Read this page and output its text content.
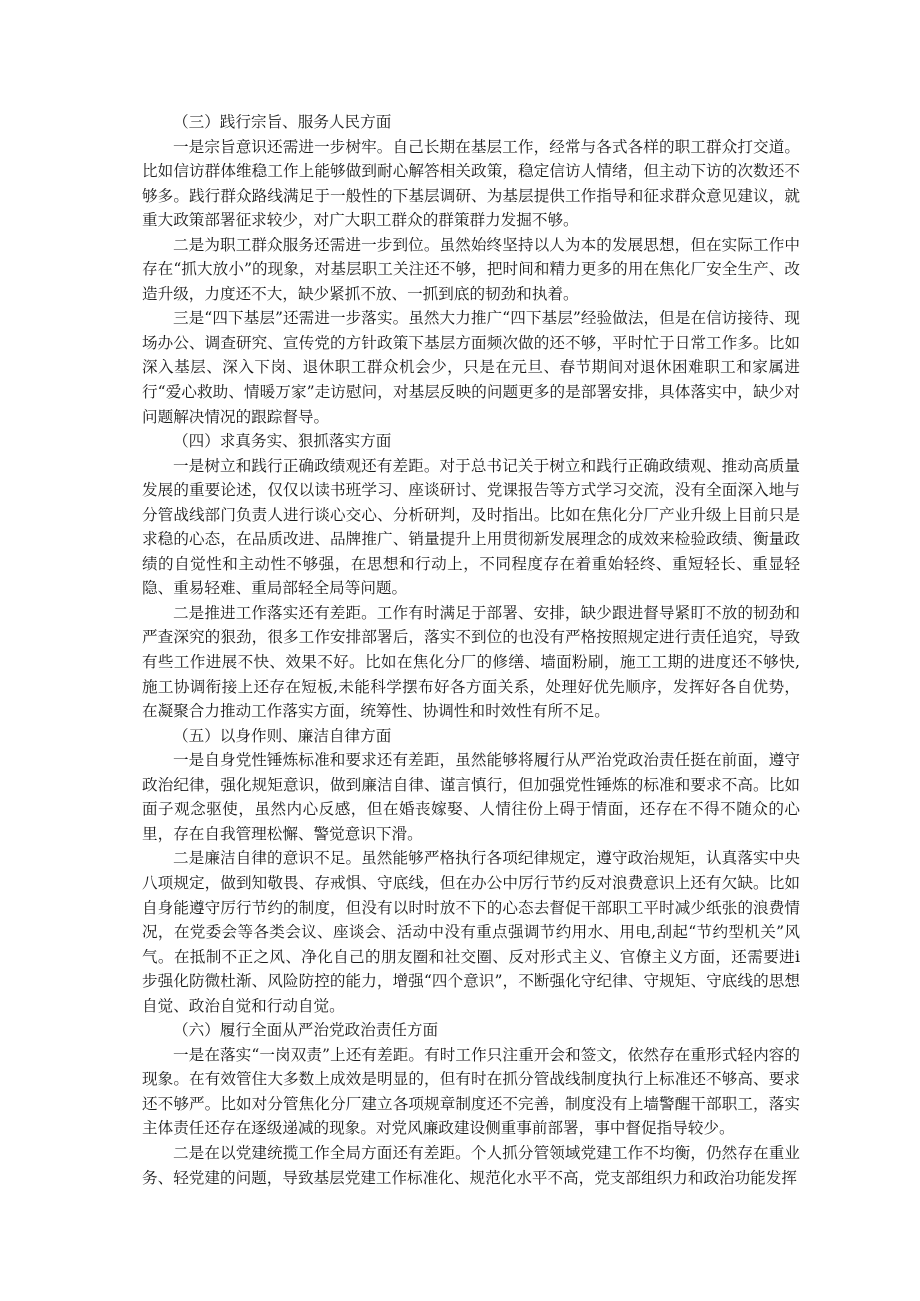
（三）践行宗旨、服务人民方面

一是宗旨意识还需进一步树牢。自己长期在基层工作，经常与各式各样的职工群众打交道。比如信访群体维稳工作上能够做到耐心解答相关政策，稳定信访人情绪，但主动下访的次数还不够多。践行群众路线满足于一般性的下基层调研、为基层提供工作指导和征求群众意见建议，就重大政策部署征求较少，对广大职工群众的群策群力发掘不够。

二是为职工群众服务还需进一步到位。虽然始终坚持以人为本的发展思想，但在实际工作中存在“抓大放小”的现象，对基层职工关注还不够，把时间和精力更多的用在焦化厂安全生产、改造升级，力度还不大，缺少紧抓不放、一抓到底的韧劲和执着。

三是“四下基层”还需进一步落实。虽然大力推广“四下基层”经验做法，但是在信访接待、现场办公、调查研究、宣传党的方针政策下基层方面频次做的还不够，平时忙于日常工作多。比如深入基层、深入下岗、退休职工群众机会少，只是在元旦、春节期间对退休困难职工和家属进行“爱心救助、情暖万家”走访慰问，对基层反映的问题更多的是部署安排，具体落实中，缺少对问题解决情况的跟踪督导。

（四）求真务实、狠抓落实方面

一是树立和践行正确政绩观还有差距。对于总书记关于树立和践行正确政绩观、推动高质量发展的重要论述，仅仅以读书班学习、座谈研讨、党课报告等方式学习交流，没有全面深入地与分管战线部门负责人进行谈心交心、分析研判，及时指出。比如在焦化分厂产业升级上目前只是求稳的心态，在品质改进、品牌推广、销量提升上用贯彻新发展理念的成效来检验政绩、衡量政绩的自觉性和主动性不够强，在思想和行动上，不同程度存在着重始轻终、重短轻长、重显轻隐、重易轻难、重局部轻全局等问题。

二是推进工作落实还有差距。工作有时满足于部署、安排，缺少跟进督导紧盯不放的韧劲和严查深究的狠劲，很多工作安排部署后，落实不到位的也没有严格按照规定进行责任追究，导致有些工作进展不快、效果不好。比如在焦化分厂的修缮、墙面粉刷，施工工期的进度还不够快,施工协调衔接上还存在短板,未能科学摆布好各方面关系，处理好优先顺序，发挥好各自优势，在凝聚合力推动工作落实方面，统筹性、协调性和时效性有所不足。

（五）以身作则、廉洁自律方面

一是自身党性锤炼标准和要求还有差距，虽然能够将履行从严治党政治责任挺在前面，遵守政治纪律，强化规矩意识，做到廉洁自律、谨言慎行，但加强党性锤炼的标准和要求不高。比如面子观念驱使，虽然内心反感，但在婚丧嫁娶、人情往份上碍于情面，还存在不得不随众的心里，存在自我管理松懈、警觉意识下滑。

二是廉洁自律的意识不足。虽然能够严格执行各项纪律规定，遵守政治规矩，认真落实中央八项规定，做到知敬畏、存戒惧、守底线，但在办公中厉行节约反对浪费意识上还有欠缺。比如自身能遵守厉行节约的制度，但没有以时时放不下的心态去督促干部职工平时减少纸张的浪费情况，在党委会等各类会议、座谈会、活动中没有重点强调节约用水、用电,刮起“节约型机关”风气。在抵制不正之风、净化自己的朋友圈和社交圈、反对形式主义、官僚主义方面，还需要进ⅰ步强化防微杜渐、风险防控的能力，增强“四个意识”，不断强化守纪律、守规矩、守底线的思想自觉、政治自觉和行动自觉。

（六）履行全面从严治党政治责任方面

一是在落实“一岗双责”上还有差距。有时工作只注重开会和签文，依然存在重形式轻内容的现象。在有效管住大多数上成效是明显的，但有时在抓分管战线制度执行上标准还不够高、要求还不够严。比如对分管焦化分厂建立各项规章制度还不完善，制度没有上墙警醒干部职工，落实主体责任还存在逐级递减的现象。对党风廉政建设侧重事前部署，事中督促指导较少。

二是在以党建统揽工作全局方面还有差距。个人抓分管领域党建工作不均衡，仍然存在重业务、轻党建的问题，导致基层党建工作标准化、规范化水平不高，党支部组织力和政治功能发挥
